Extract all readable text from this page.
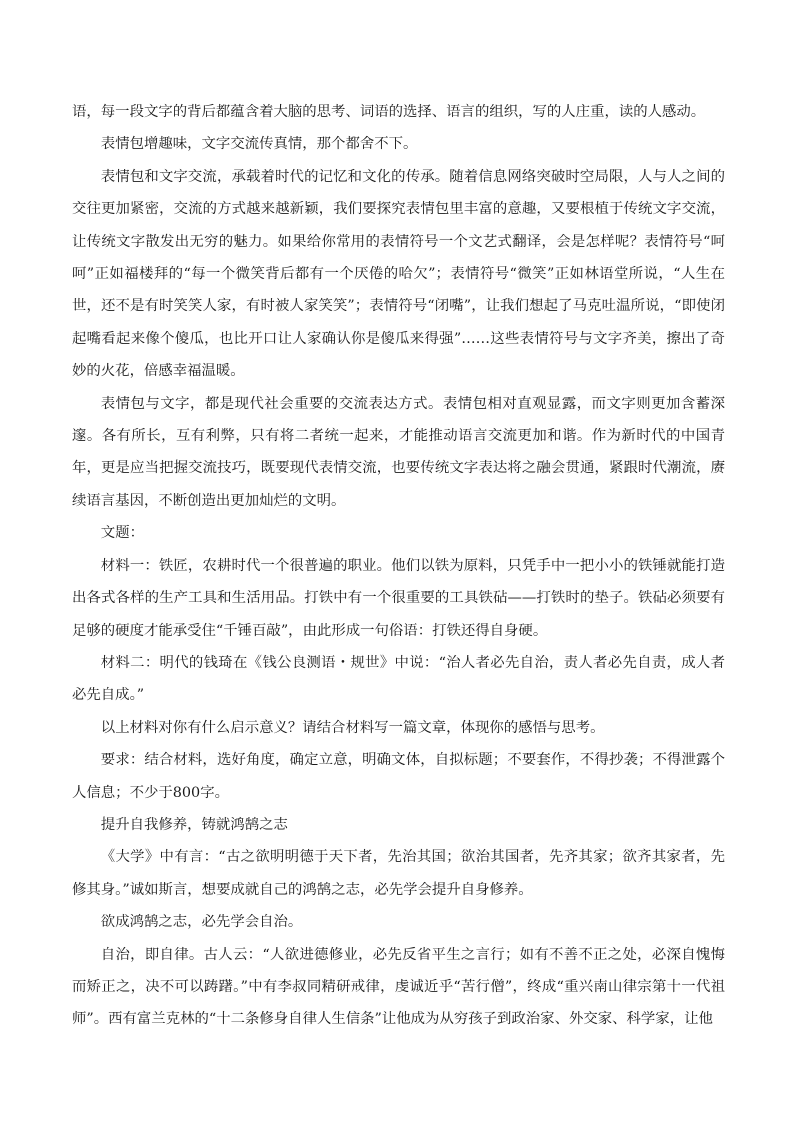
语，每一段文字的背后都蕴含着大脑的思考、词语的选择、语言的组织，写的人庄重，读的人感动。

表情包增趣味，文字交流传真情，那个都舍不下。

表情包和文字交流，承载着时代的记忆和文化的传承。随着信息网络突破时空局限，人与人之间的交往更加紧密，交流的方式越来越新颖，我们要探究表情包里丰富的意趣，又要根植于传统文字交流，让传统文字散发出无穷的魅力。如果给你常用的表情符号一个文艺式翻译，会是怎样呢？表情符号“呵呵”正如福楼拜的“每一个微笑背后都有一个厌倦的哈欠”；表情符号“微笑”正如林语堂所说，“人生在世，还不是有时笑笑人家，有时被人家笑笑”；表情符号“闭嘴”，让我们想起了马克吐温所说，“即使闭起嘴看起来像个傻瓜，也比开口让人家确认你是傻瓜来得强”……这些表情符号与文字齐美，擦出了奇妙的火花，倍感幸福温暖。

表情包与文字，都是现代社会重要的交流表达方式。表情包相对直观显露，而文字则更加含蓄深邃。各有所长，互有利弊，只有将二者统一起来，才能推动语言交流更加和谐。作为新时代的中国青年，更是应当把握交流技巧，既要现代表情交流，也要传统文字表达将之融会贯通，紧跟时代潮流，赓续语言基因，不断创造出更加灿烂的文明。

文题：

材料一：铁匠，农耕时代一个很普遍的职业。他们以铁为原料，只凭手中一把小小的铁锤就能打造出各式各样的生产工具和生活用品。打铁中有一个很重要的工具铁砧——打铁时的垫子。铁砧必须要有足够的硬度才能承受住“千锤百敲”，由此形成一句俗语：打铁还得自身硬。

材料二：明代的钱琦在《钱公良测语・规世》中说：“治人者必先自治，责人者必先自责，成人者必先自成。”

以上材料对你有什么启示意义？请结合材料写一篇文章，体现你的感悟与思考。

要求：结合材料，选好角度，确定立意，明确文体，自拟标题；不要套作，不得抄袭；不得泄露个人信息；不少于800字。

提升自我修养，铸就鸿鹄之志

《大学》中有言：“古之欲明明德于天下者，先治其国；欲治其国者，先齐其家；欲齐其家者，先修其身。”诚如斯言，想要成就自己的鸿鹄之志，必先学会提升自身修养。

欲成鸿鹄之志，必先学会自治。

自治，即自律。古人云：“人欲进德修业，必先反省平生之言行；如有不善不正之处，必深自愧悔而矫正之，决不可以踌躇。”中有李叔同精研戒律，虔诚近乎“苦行僧”，终成“重兴南山律宗第十一代祖师”。西有富兰克林的“十二条修身自律人生信条”让他成为从穷孩子到政治家、外交家、科学家，让他
